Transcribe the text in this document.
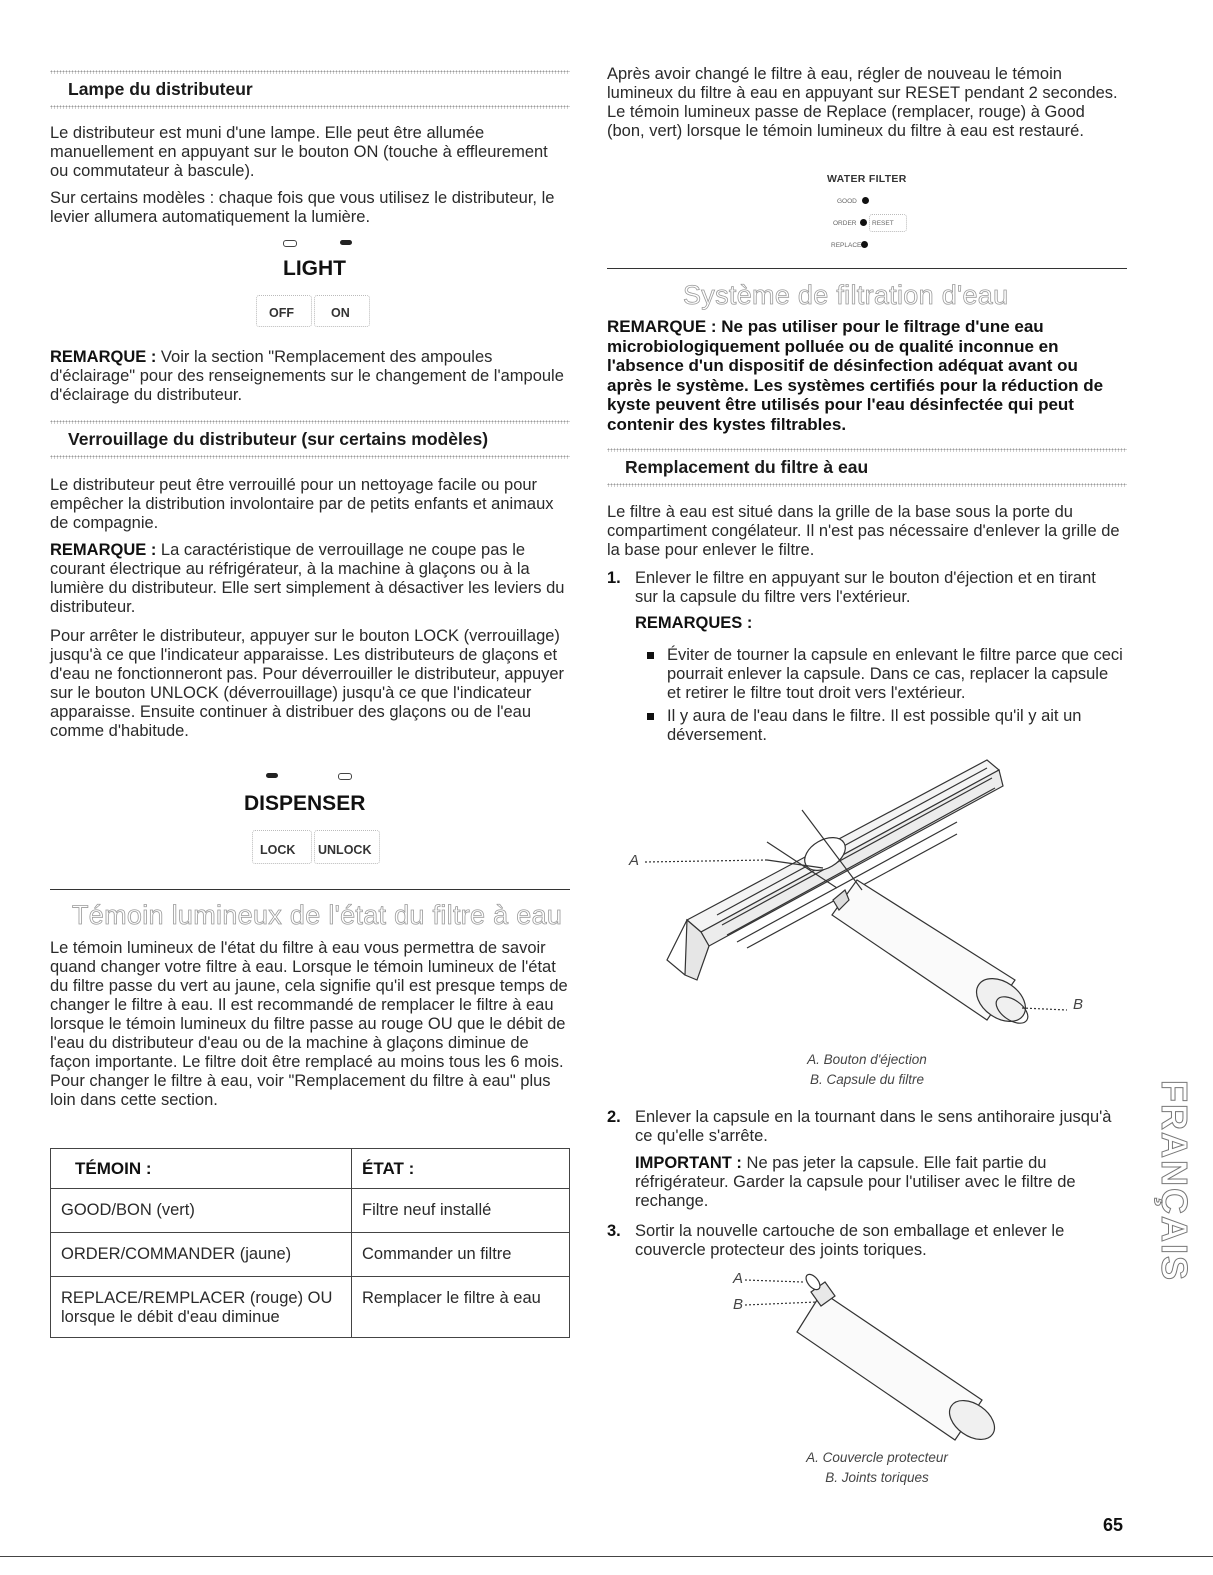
Lampe du distributeur

Le distributeur est muni d'une lampe. Elle peut être allumée manuellement en appuyant sur le bouton ON (touche à effleurement ou commutateur à bascule).

Sur certains modèles : chaque fois que vous utilisez le distributeur, le levier allumera automatiquement la lumière.

LIGHT
OFF	ON

REMARQUE : Voir la section "Remplacement des ampoules d'éclairage" pour des renseignements sur le changement de l'ampoule d'éclairage du distributeur.

Verrouillage du distributeur (sur certains modèles)

Le distributeur peut être verrouillé pour un nettoyage facile ou pour empêcher la distribution involontaire par de petits enfants et animaux de compagnie.

REMARQUE : La caractéristique de verrouillage ne coupe pas le courant électrique au réfrigérateur, à la machine à glaçons ou à la lumière du distributeur. Elle sert simplement à désactiver les leviers du distributeur.

Pour arrêter le distributeur, appuyer sur le bouton LOCK (verrouillage) jusqu'à ce que l'indicateur apparaisse. Les distributeurs de glaçons et d'eau ne fonctionneront pas. Pour déverrouiller le distributeur, appuyer sur le bouton UNLOCK (déverrouillage) jusqu'à ce que l'indicateur apparaisse. Ensuite continuer à distribuer des glaçons ou de l'eau comme d'habitude.

DISPENSER
LOCK UNLOCK
Témoin lumineux de l'état du filtre à eau

Le témoin lumineux de l'état du filtre à eau vous permettra de savoir quand changer votre filtre à eau. Lorsque le témoin lumineux de l'état du filtre passe du vert au jaune, cela signifie qu'il est presque temps de changer le filtre à eau. Il est recommandé de remplacer le filtre à eau lorsque le témoin lumineux du filtre passe au rouge OU que le débit de l'eau du distributeur d'eau ou de la machine à glaçons diminue de façon importante. Le filtre doit être remplacé au moins tous les 6 mois. Pour changer le filtre à eau, voir "Remplacement du filtre à eau" plus loin dans cette section.

TÉMOIN :	ÉTAT :
GOOD/BON (vert)	Filtre neuf installé
ORDER/COMMANDER (jaune)	Commander un filtre
REPLACE/REMPLACER (rouge) OU lorsque le débit d'eau diminue	Remplacer le filtre à eau

Après avoir changé le filtre à eau, régler de nouveau le témoin lumineux du filtre à eau en appuyant sur RESET pendant 2 secondes. Le témoin lumineux passe de Replace (remplacer, rouge) à Good (bon, vert) lorsque le témoin lumineux du filtre à eau est restauré.

WATER FILTER
GOOD
ORDER RESET
REPLACE
Système de filtration d'eau

REMARQUE : Ne pas utiliser pour le filtrage d'une eau microbiologiquement polluée ou de qualité inconnue en l'absence d'un dispositif de désinfection adéquat avant ou après le système. Les systèmes certifiés pour la réduction de kyste peuvent être utilisés pour l'eau désinfectée qui peut contenir des kystes filtrables.

Remplacement du filtre à eau

Le filtre à eau est situé dans la grille de la base sous la porte du compartiment congélateur. Il n'est pas nécessaire d'enlever la grille de la base pour enlever le filtre.

1. Enlever le filtre en appuyant sur le bouton d'éjection et en tirant sur la capsule du filtre vers l'extérieur.

REMARQUES :

Éviter de tourner la capsule en enlevant le filtre parce que ceci pourrait enlever la capsule. Dans ce cas, replacer la capsule et retirer le filtre tout droit vers l'extérieur.

Il y aura de l'eau dans le filtre. Il est possible qu'il y ait un déversement.

A
B
A. Bouton d'éjection
B. Capsule du filtre
2. Enlever la capsule en la tournant dans le sens antihoraire jusqu'à ce qu'elle s'arrête.

IMPORTANT : Ne pas jeter la capsule. Elle fait partie du réfrigérateur. Garder la capsule pour l'utiliser avec le filtre de rechange.

3. Sortir la nouvelle cartouche de son emballage et enlever le couvercle protecteur des joints toriques.

A
B
A. Couvercle protecteur
B. Joints toriques
FRANÇAIS
65
